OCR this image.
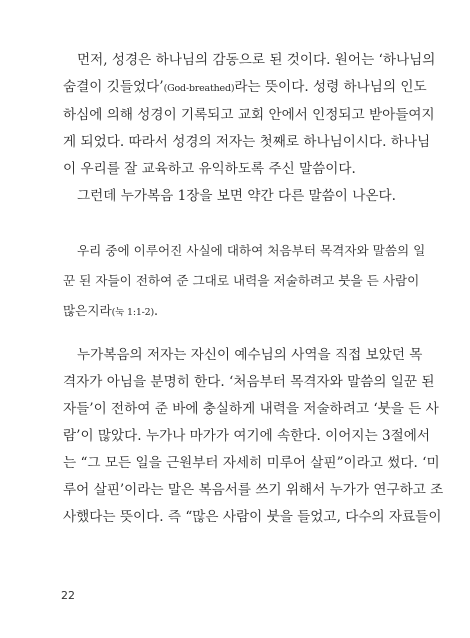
먼저, 성경은 하나님의 감동으로 된 것이다. 원어는 ‘하나님의
숨결이 깃들었다’(God-breathed)라는 뜻이다. 성령 하나님의 인도
하심에 의해 성경이 기록되고 교회 안에서 인정되고 받아들여지
게 되었다. 따라서 성경의 저자는 첫째로 하나님이시다. 하나님
이 우리를 잘 교육하고 유익하도록 주신 말씀이다.
그런데 누가복음 1장을 보면 약간 다른 말씀이 나온다.
우리 중에 이루어진 사실에 대하여 처음부터 목격자와 말씀의 일
꾼 된 자들이 전하여 준 그대로 내력을 저술하려고 붓을 든 사람이
많은지라(눅 1:1-2).
누가복음의 저자는 자신이 예수님의 사역을 직접 보았던 목
격자가 아님을 분명히 한다. ‘처음부터 목격자와 말씀의 일꾼 된
자들’이 전하여 준 바에 충실하게 내력을 저술하려고 ‘붓을 든 사
람’이 많았다. 누가나 마가가 여기에 속한다. 이어지는 3절에서
는 “그 모든 일을 근원부터 자세히 미루어 살핀”이라고 썼다. ‘미
루어 살핀’이라는 말은 복음서를 쓰기 위해서 누가가 연구하고 조
사했다는 뜻이다. 즉 “많은 사람이 붓을 들었고, 다수의 자료들이
22
